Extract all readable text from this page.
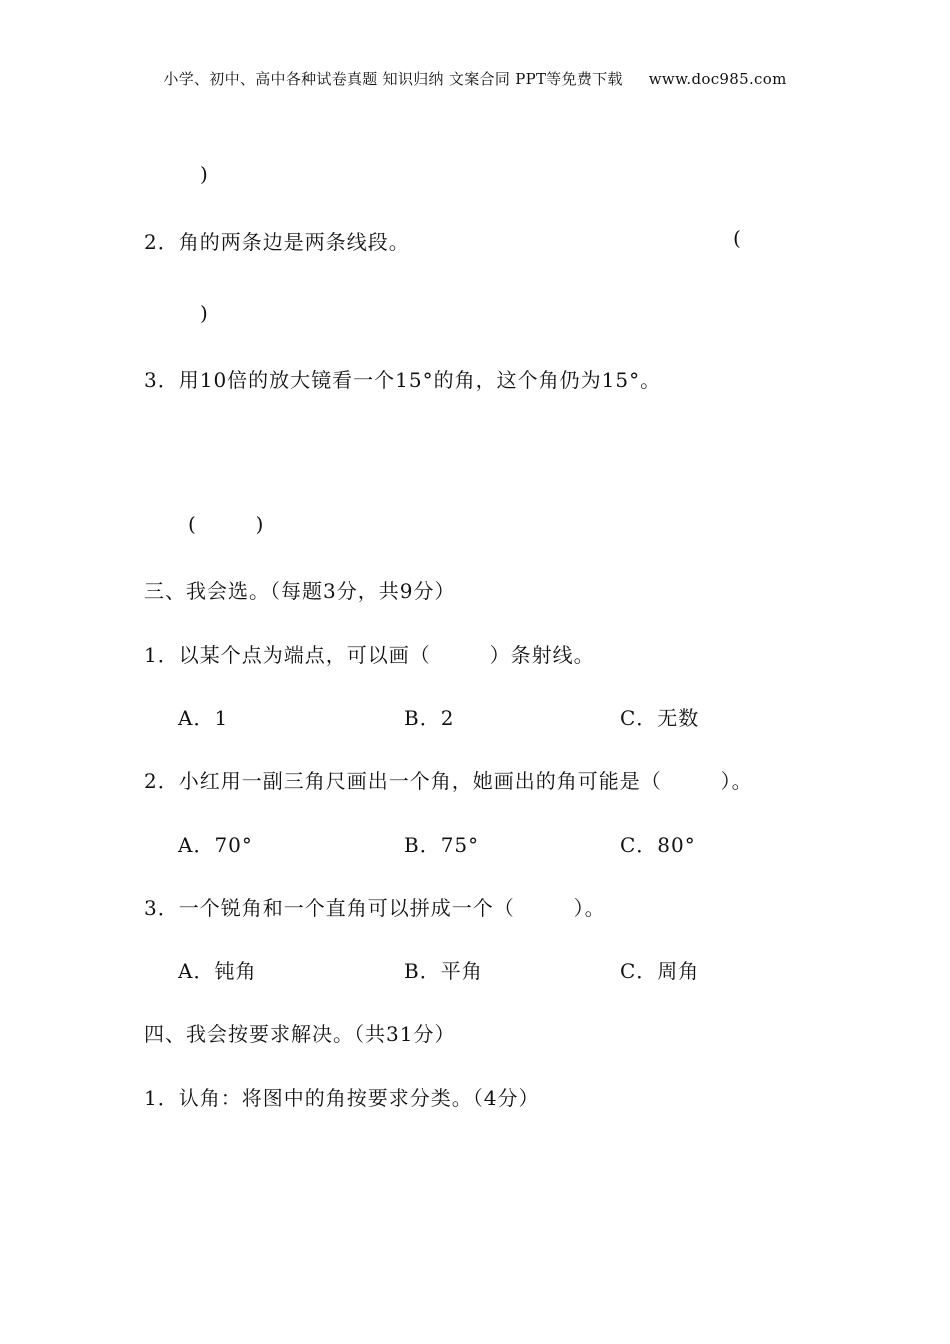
小学、初中、高中各种试卷真题 知识归纳 文案合同 PPT等免费下载 www.doc985.com
)
2．角的两条边是两条线段。	(
)
3．用10倍的放大镜看一个15°的角，这个角仍为15°。
(        )
三、我会选。（每题3分，共9分）
1．以某个点为端点，可以画（        ）条射线。
A．1	B．2	C．无数
2．小红用一副三角尺画出一个角，她画出的角可能是（        ）。
A．70°	B．75°	C．80°
3．一个锐角和一个直角可以拼成一个（        ）。
A．钝角	B．平角	C．周角
四、我会按要求解决。（共31分）
1．认角：将图中的角按要求分类。（4分）
